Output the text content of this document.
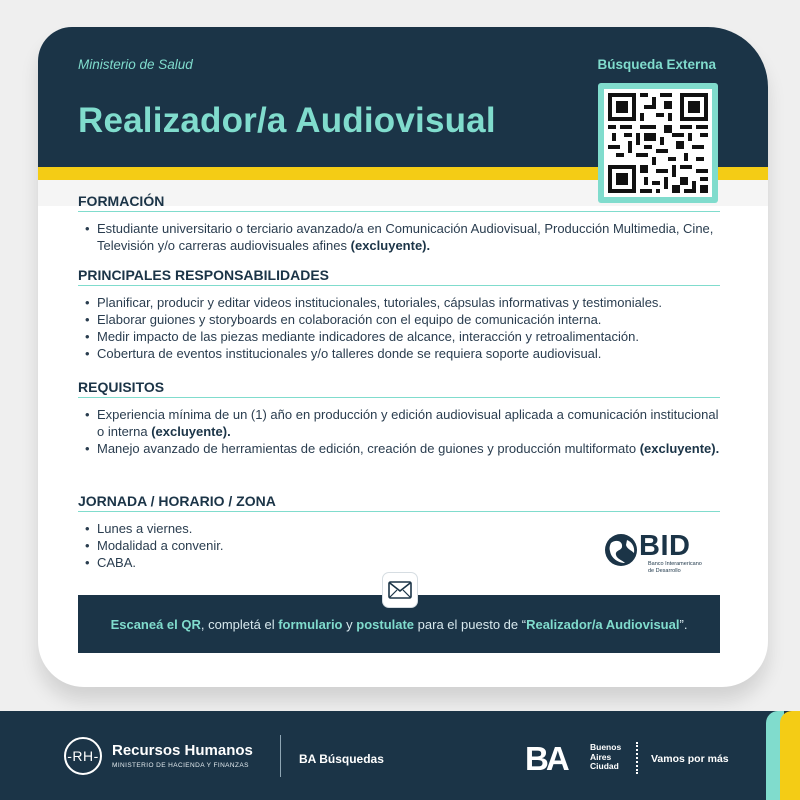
Ministerio de Salud	Búsqueda Externa
Realizador/a Audiovisual
FORMACIÓN
• Estudiante universitario o terciario avanzado/a en Comunicación Audiovisual, Producción Multimedia, Cine, Televisión y/o carreras audiovisuales afines (excluyente).
PRINCIPALES RESPONSABILIDADES
• Planificar, producir y editar videos institucionales, tutoriales, cápsulas informativas y testimoniales.
• Elaborar guiones y storyboards en colaboración con el equipo de comunicación interna.
• Medir impacto de las piezas mediante indicadores de alcance, interacción y retroalimentación.
• Cobertura de eventos institucionales y/o talleres donde se requiera soporte audiovisual.
REQUISITOS
• Experiencia mínima de un (1) año en producción y edición audiovisual aplicada a comunicación institucional o interna (excluyente).
• Manejo avanzado de herramientas de edición, creación de guiones y producción multiformato (excluyente).
JORNADA / HORARIO / ZONA
• Lunes a viernes.
• Modalidad a convenir.
• CABA.
BID
Banco Interamericano de Desarrollo
Escaneá el QR, completá el formulario y postulate para el puesto de “Realizador/a Audiovisual”.
-RH- Recursos Humanos
MINISTERIO DE HACIENDA Y FINANZAS	BA Búsquedas	BA	Buenos
Aires
Ciudad
Vamos por más
